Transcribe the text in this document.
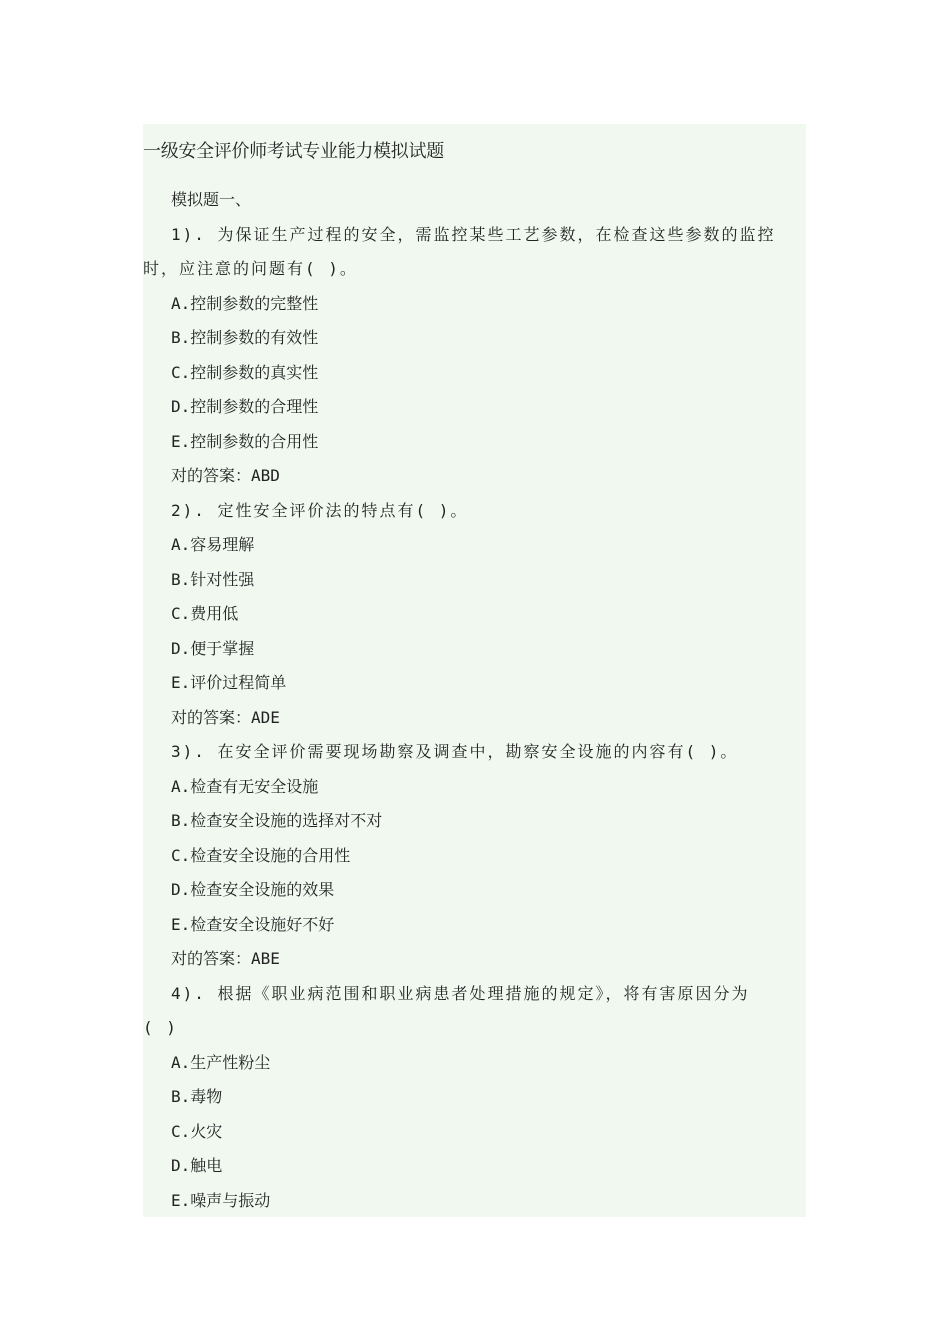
一级安全评价师考试专业能力模拟试题
模拟题一、
1). 为保证生产过程的安全，需监控某些工艺参数，在检查这些参数的监控
时，应注意的问题有( )。
A.控制参数的完整性
B.控制参数的有效性
C.控制参数的真实性
D.控制参数的合理性
E.控制参数的合用性
对的答案：ABD
2). 定性安全评价法的特点有( )。
A.容易理解
B.针对性强
C.费用低
D.便于掌握
E.评价过程简单
对的答案：ADE
3). 在安全评价需要现场勘察及调查中，勘察安全设施的内容有( )。
A.检查有无安全设施
B.检查安全设施的选择对不对
C.检查安全设施的合用性
D.检查安全设施的效果
E.检查安全设施好不好
对的答案：ABE
4). 根据《职业病范围和职业病患者处理措施的规定》，将有害原因分为
( )
A.生产性粉尘
B.毒物
C.火灾
D.触电
E.噪声与振动
